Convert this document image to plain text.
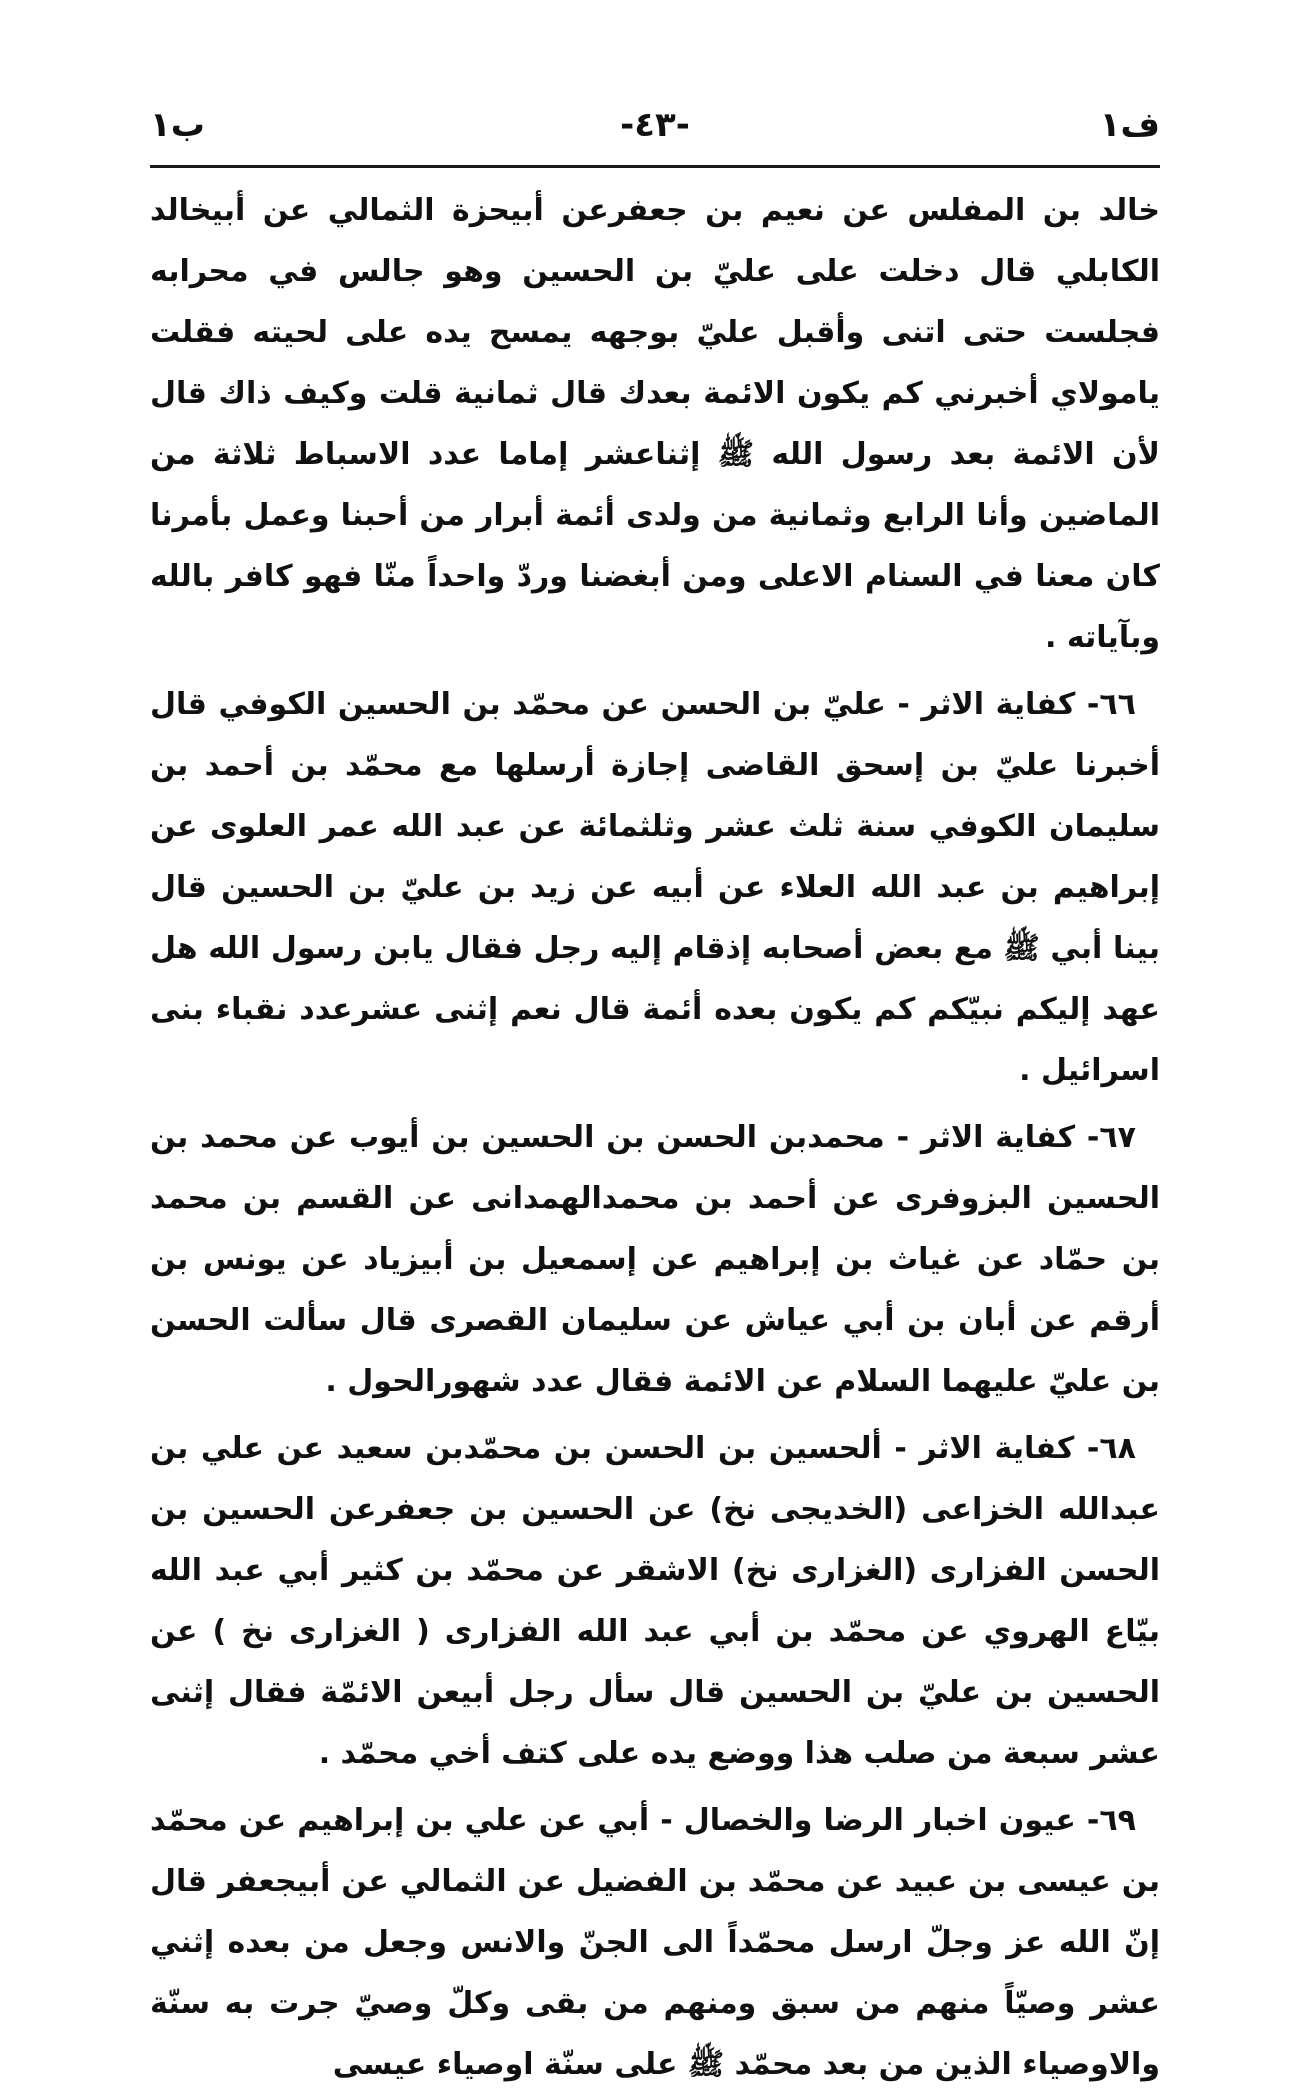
ف١
-٤٣-
ب١

خالد بن المفلس عن نعيم بن جعفرعن أبيحزة الثمالي عن أبيخالد الكابلي قال دخلت على عليّ بن الحسين وهو جالس في محرابه فجلست حتى اتنى وأقبل عليّ بوجهه يمسح يده على لحيته فقلت يامولاي أخبرني كم يكون الائمة بعدك قال ثمانية قلت وكيف ذاك قال لأن الائمة بعد رسول الله ﷺ إثناعشر إماما عدد الاسباط ثلاثة من الماضين وأنا الرابع وثمانية من ولدى أئمة أبرار من أحبنا وعمل بأمرنا كان معنا في السنام الاعلى ومن أبغضنا وردّ واحداً منّا فهو كافر بالله وبآياته .

٦٦- كفاية الاثر - عليّ بن الحسن عن محمّد بن الحسين الكوفي قال أخبرنا عليّ بن إسحق القاضى إجازة أرسلها مع محمّد بن أحمد بن سليمان الكوفي سنة ثلث عشر وثلثمائة عن عبد الله عمر العلوى عن إبراهيم بن عبد الله العلاء عن أبيه عن زيد بن عليّ بن الحسين قال بينا أبي ﷺ مع بعض أصحابه إذقام إليه رجل فقال يابن رسول الله هل عهد إليكم نبيّكم كم يكون بعده أئمة قال نعم إثنى عشرعدد نقباء بنى اسرائيل .

٦٧- كفاية الاثر - محمدبن الحسن بن الحسين بن أيوب عن محمد بن الحسين البزوفرى عن أحمد بن محمدالهمدانى عن القسم بن محمد بن حمّاد عن غياث بن إبراهيم عن إسمعيل بن أبيزياد عن يونس بن أرقم عن أبان بن أبي عياش عن سليمان القصرى قال سألت الحسن بن عليّ عليهما السلام عن الائمة فقال عدد شهورالحول .

٦٨- كفاية الاثر - ألحسين بن الحسن بن محمّدبن سعيد عن علي بن عبدالله الخزاعى (الخديجى نخ) عن الحسين بن جعفرعن الحسين بن الحسن الفزارى (الغزارى نخ) الاشقر عن محمّد بن كثير أبي عبد الله بيّاع الهروي عن محمّد بن أبي عبد الله الفزارى ( الغزارى نخ ) عن الحسين بن عليّ بن الحسين قال سأل رجل أبيعن الائمّة فقال إثنى عشر سبعة من صلب هذا ووضع يده على كتف أخي محمّد .

٦٩- عيون اخبار الرضا والخصال - أبي عن علي بن إبراهيم عن محمّد بن عيسى بن عبيد عن محمّد بن الفضيل عن الثمالي عن أبيجعفر قال إنّ الله عز وجلّ ارسل محمّداً الى الجنّ والانس وجعل من بعده إثني عشر وصيّاً منهم من سبق ومنهم من بقى وكلّ وصيّ جرت به سنّة والاوصياء الذين من بعد محمّد ﷺ على سنّة اوصياء عيسى
